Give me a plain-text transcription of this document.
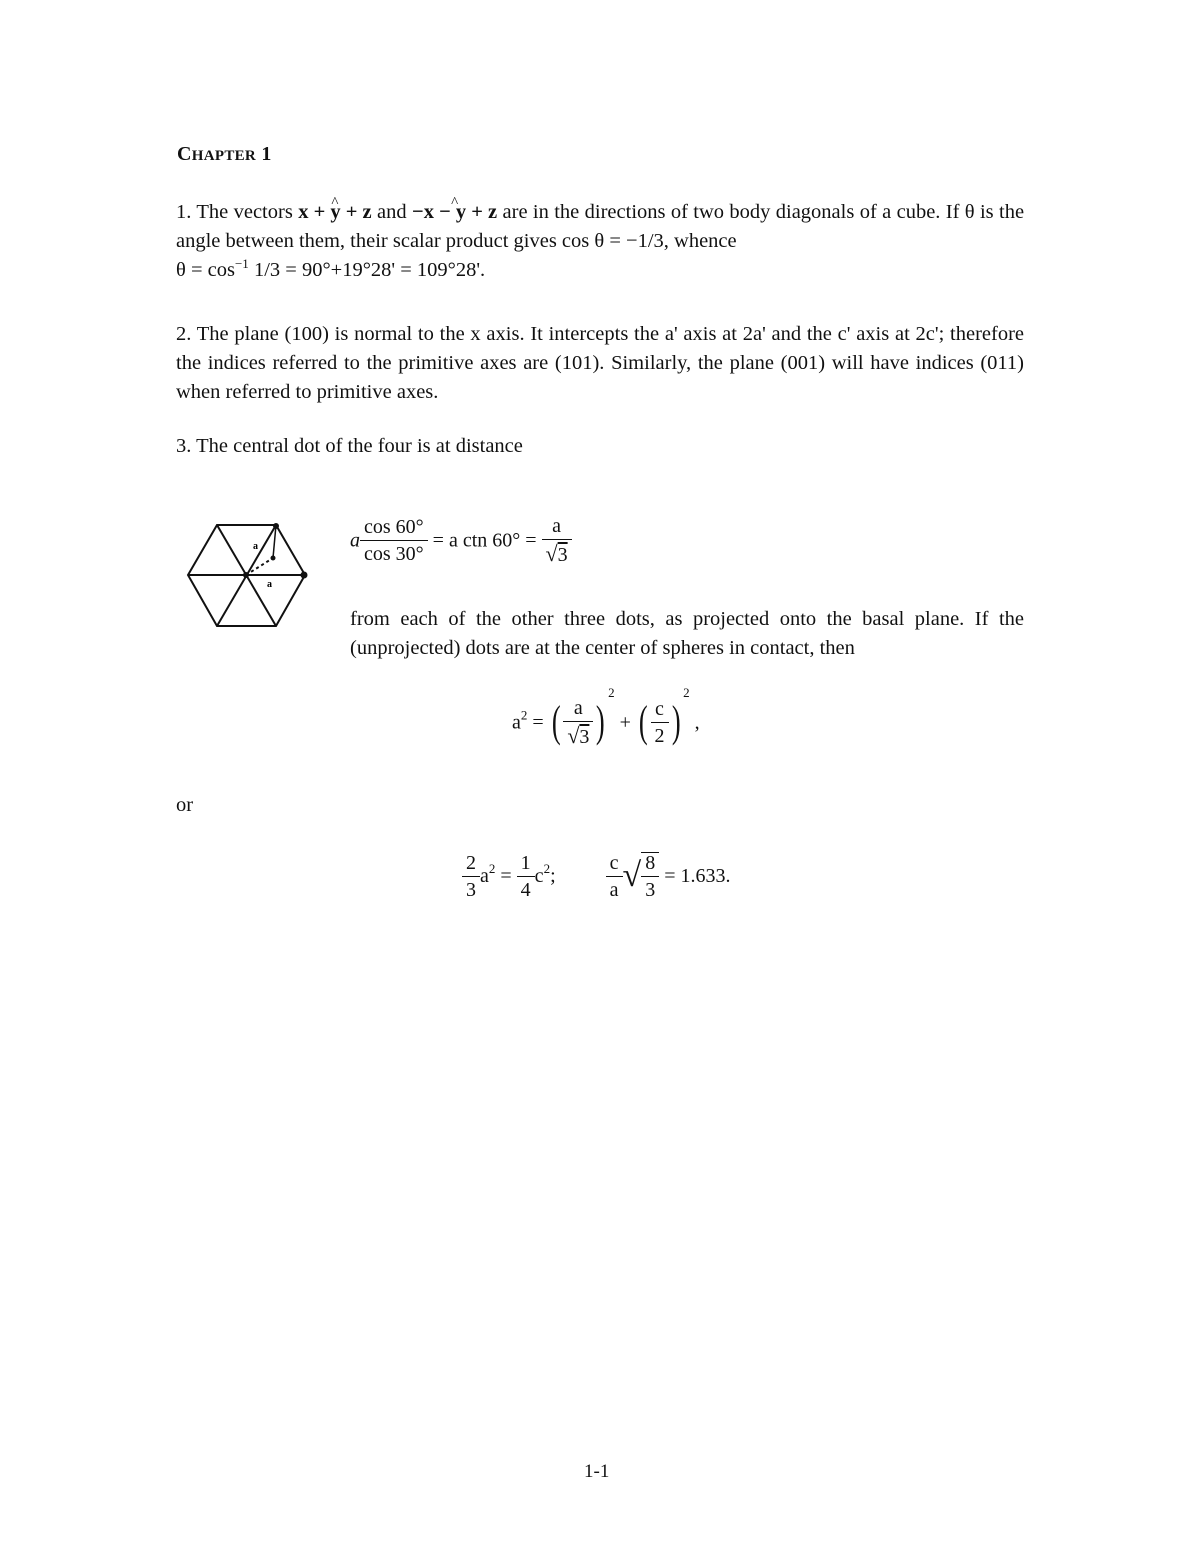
CHAPTER 1
1. The vectors ^ x + y + z and ^ −x − y + z are in the directions of two body diagonals of a cube. If θ is the angle between them, their scalar product gives cos θ = −1/3, whence
$\theta = \cos^{-1} 1/3 = 90^\circ+19^\circ 28' = 109^\circ 28'$.
2. The plane (100) is normal to the x axis. It intercepts the a' axis at 2a' and the c' axis at 2c'; therefore the indices referred to the primitive axes are (101). Similarly, the plane (001) will have indices (011) when referred to primitive axes.
3. The central dot of the four is at distance
a
a
a $\frac{\cos 60^\circ}{\cos 30^\circ} = a$ ctn $60^\circ = \frac{a}{√3}$
from each of the other three dots, as projected onto the basal plane. If the (unprojected) dots are at the center of spheres in contact, then
$a^2$ = ( $\frac{a}{√3} )^2$ + ( $\frac{c}{2} )^2$ ,
or
$\frac{2}{3} a^2 = \frac{1}{4} c^2$;	$\frac{c}{a}$ √ $\frac{8}{3} = 1.633$.
1-1
